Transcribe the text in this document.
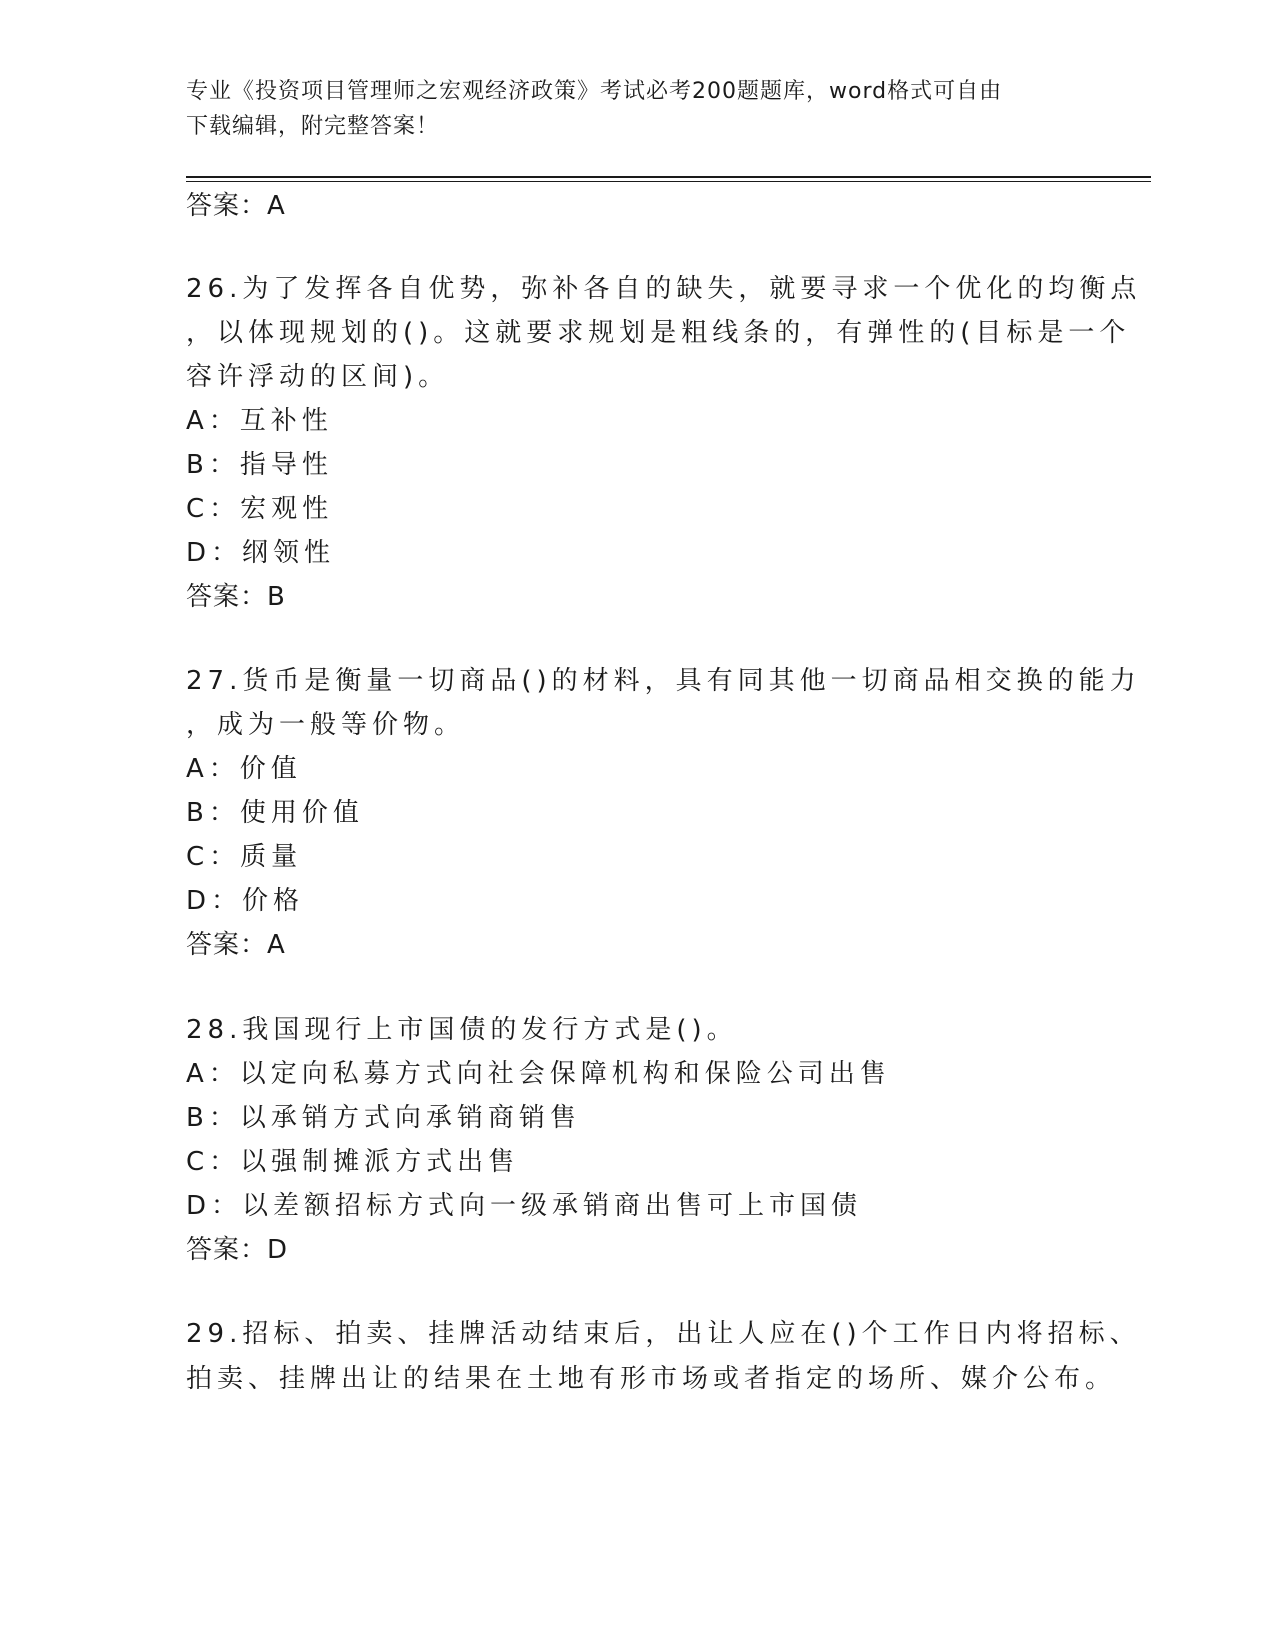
专业《投资项目管理师之宏观经济政策》考试必考200题题库，word格式可自由
下载编辑，附完整答案！
答案：A
26.为了发挥各自优势，弥补各自的缺失，就要寻求一个优化的均衡点
，以体现规划的()。这就要求规划是粗线条的，有弹性的(目标是一个
容许浮动的区间)。
A：互补性
B：指导性
C：宏观性
D：纲领性
答案：B
27.货币是衡量一切商品()的材料，具有同其他一切商品相交换的能力
，成为一般等价物。
A：价值
B：使用价值
C：质量
D：价格
答案：A
28.我国现行上市国债的发行方式是()。
A：以定向私募方式向社会保障机构和保险公司出售
B：以承销方式向承销商销售
C：以强制摊派方式出售
D：以差额招标方式向一级承销商出售可上市国债
答案：D
29.招标、拍卖、挂牌活动结束后，出让人应在()个工作日内将招标、
拍卖、挂牌出让的结果在土地有形市场或者指定的场所、媒介公布。
